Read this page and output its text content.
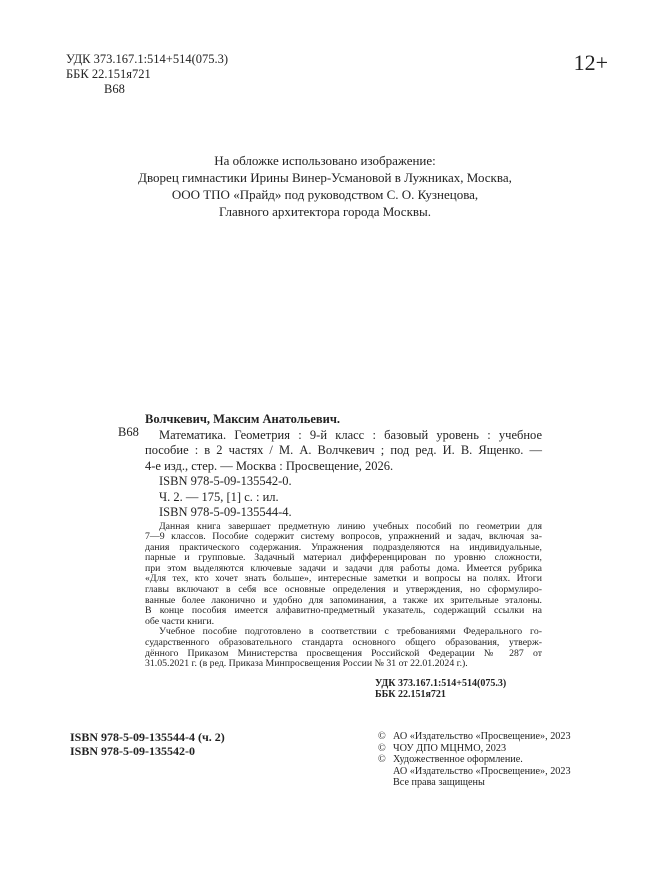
УДК 373.167.1:514+514(075.3)
ББК 22.151я721
В68
12+
На обложке использовано изображение:
Дворец гимнастики Ирины Винер-Усмановой в Лужниках, Москва,
ООО ТПО «Прайд» под руководством С. О. Кузнецова,
Главного архитектора города Москвы.
В68
Волчкевич, Максим Анатольевич.
Математика. Геометрия : 9-й класс : базовый уровень : учебное
пособие : в 2 частях / М. А. Волчкевич ; под ред. И. В. Ященко. —
4-е изд., стер. — Москва : Просвещение, 2026.
ISBN 978-5-09-135542-0.
Ч. 2. — 175, [1] с. : ил.
ISBN 978-5-09-135544-4.
Данная книга завершает предметную линию учебных пособий по геометрии для
7—9 классов. Пособие содержит систему вопросов, упражнений и задач, включая за-
дания практического содержания. Упражнения подразделяются на индивидуальные,
парные и групповые. Задачный материал дифференцирован по уровню сложности,
при этом выделяются ключевые задачи и задачи для работы дома. Имеется рубрика
«Для тех, кто хочет знать больше», интересные заметки и вопросы на полях. Итоги
главы включают в себя все основные определения и утверждения, но сформулиро-
ванные более лаконично и удобно для запоминания, а также их зрительные эталоны.
В конце пособия имеется алфавитно-предметный указатель, содержащий ссылки на
обе части книги.
Учебное пособие подготовлено в соответствии с требованиями Федерального го-
сударственного образовательного стандарта основного общего образования, утверж-
дённого Приказом Министерства просвещения Российской Федерации № 287 от
31.05.2021 г. (в ред. Приказа Минпросвещения России № 31 от 22.01.2024 г.).
УДК 373.167.1:514+514(075.3)
ББК 22.151я721
ISBN 978-5-09-135544-4 (ч. 2)
ISBN 978-5-09-135542-0
© АО «Издательство «Просвещение», 2023
© ЧОУ ДПО МЦНМО, 2023
© Художественное оформление.
АО «Издательство «Просвещение», 2023
Все права защищены
